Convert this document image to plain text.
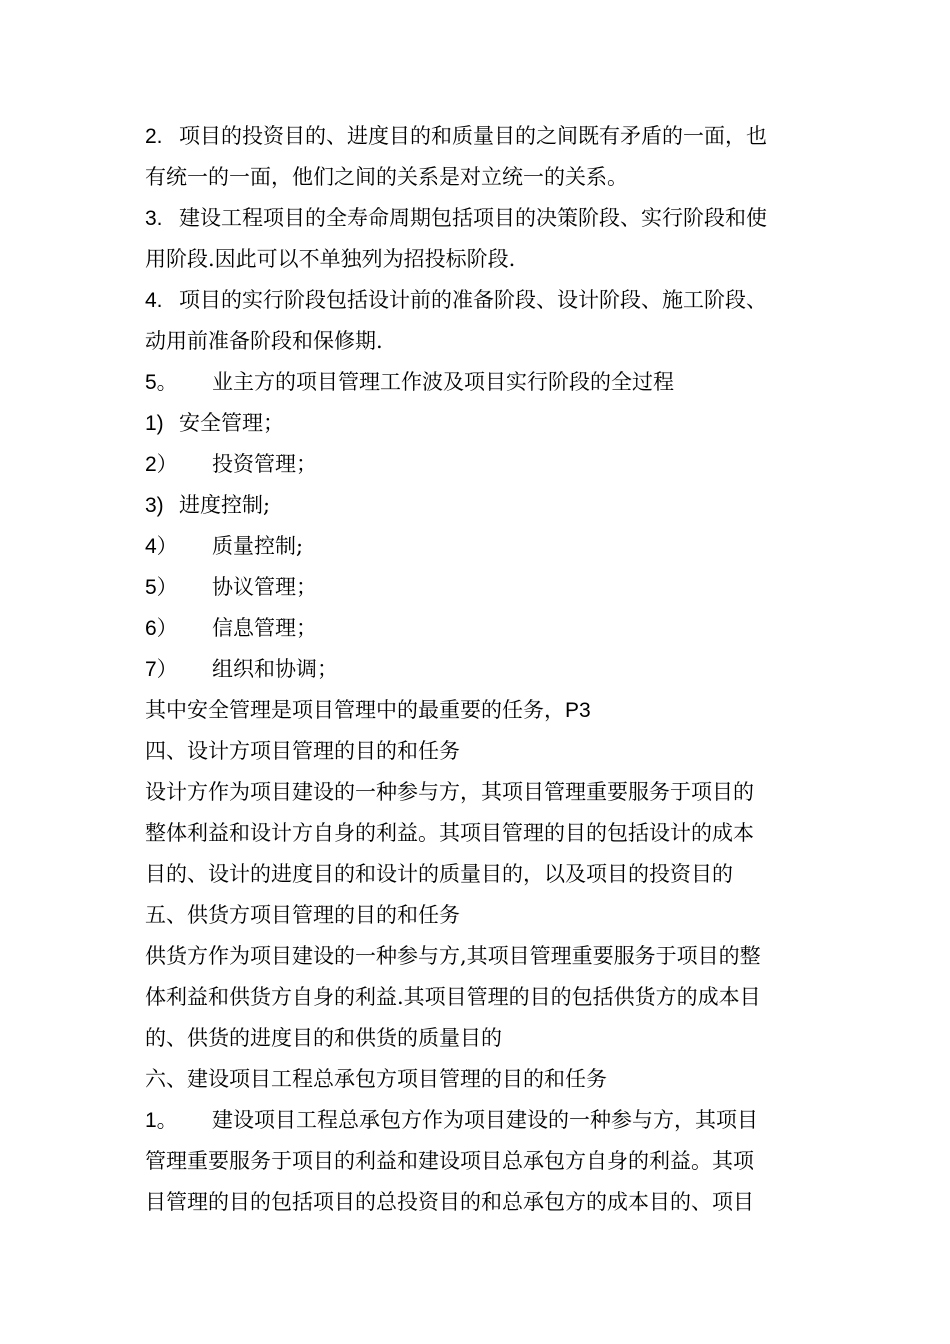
2. 项目的投资目的、进度目的和质量目的之间既有矛盾的一面，也
有统一的一面，他们之间的关系是对立统一的关系。
3. 建设工程项目的全寿命周期包括项目的决策阶段、实行阶段和使
用阶段.因此可以不单独列为招投标阶段.
4. 项目的实行阶段包括设计前的准备阶段、设计阶段、施工阶段、
动用前准备阶段和保修期.
5。 业主方的项目管理工作波及项目实行阶段的全过程
1) 安全管理；
2） 投资管理；
3) 进度控制;
4） 质量控制;
5） 协议管理；
6） 信息管理；
7） 组织和协调；
其中安全管理是项目管理中的最重要的任务，P3
四、设计方项目管理的目的和任务
设计方作为项目建设的一种参与方，其项目管理重要服务于项目的
整体利益和设计方自身的利益。其项目管理的目的包括设计的成本
目的、设计的进度目的和设计的质量目的，以及项目的投资目的
五、供货方项目管理的目的和任务
供货方作为项目建设的一种参与方,其项目管理重要服务于项目的整
体利益和供货方自身的利益.其项目管理的目的包括供货方的成本目
的、供货的进度目的和供货的质量目的
六、建设项目工程总承包方项目管理的目的和任务
1。 建设项目工程总承包方作为项目建设的一种参与方，其项目
管理重要服务于项目的利益和建设项目总承包方自身的利益。其项
目管理的目的包括项目的总投资目的和总承包方的成本目的、项目
